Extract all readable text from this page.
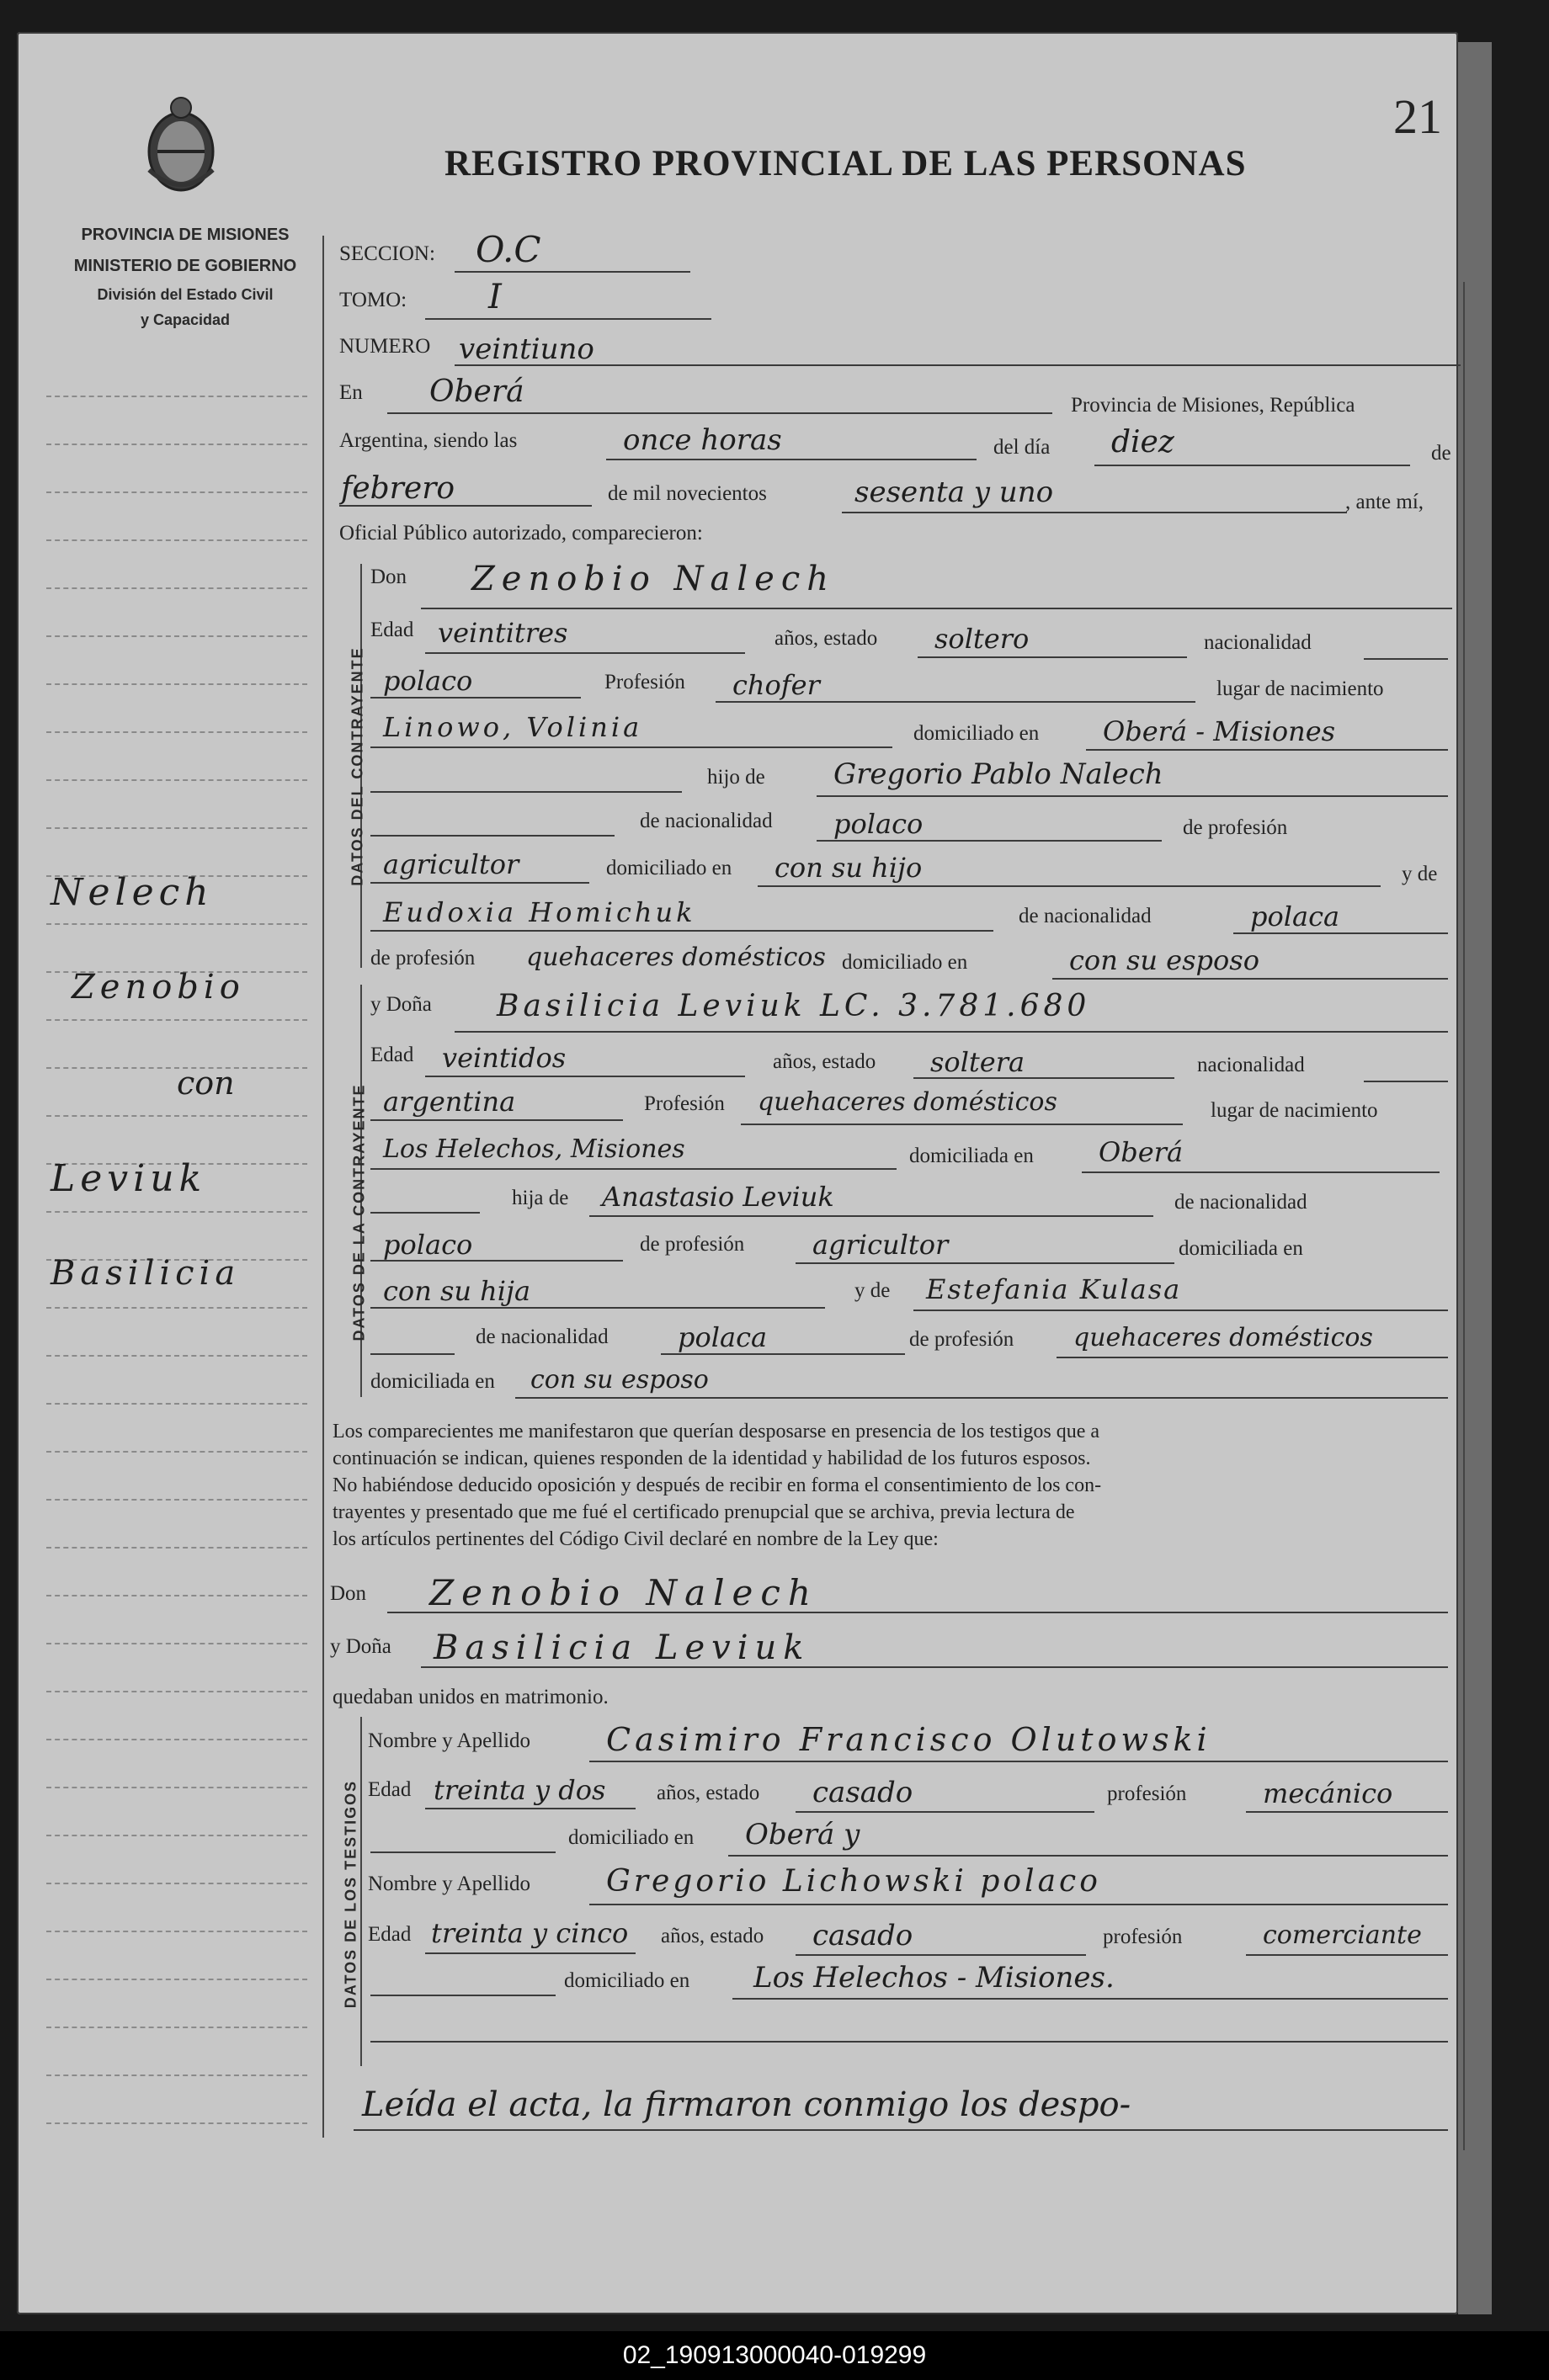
21
PROVINCIA DE MISIONES
MINISTERIO DE GOBIERNO
División del Estado Civil
y Capacidad
REGISTRO PROVINCIAL DE LAS PERSONAS
Nelech
Zenobio
con
Leviuk
Basilicia
SECCION: O.C
TOMO: I
NUMERO veintiuno
En Oberá	Provincia de Misiones, República
Argentina, siendo las	once horas	del día diez	de
febrero	de mil novecientos	sesenta y uno	, ante mí,
Oficial Público autorizado, comparecieron:
DATOS DEL CONTRAYENTE
Don Zenobio Nalech
Edad veintitres	años, estado soltero	nacionalidad
polaco	Profesión chofer	lugar de nacimiento
Linowo, Volinia	domiciliado en Oberá - Misiones
hijo de Gregorio Pablo Nalech
de nacionalidad polaco	de profesión
agricultor	domiciliado en con su hijo	y de
Eudoxia Homichuk	de nacionalidad	polaca
de profesión quehaceres domésticos domiciliado en	con su esposo
DATOS DE LA CONTRAYENTE
y Doña Basilicia Leviuk LC. 3.781.680
Edad veintidos	años, estado soltera	nacionalidad
argentina	Profesión quehaceres domésticos	lugar de nacimiento
Los Helechos, Misiones	domiciliada en Oberá
hija de Anastasio Leviuk	de nacionalidad
polaco	de profesión	agricultor	domiciliada en
con su hija	y de Estefania Kulasa
de nacionalidad	polaca	de profesión quehaceres domésticos
domiciliada en con su esposo
Los comparecientes me manifestaron que querían desposarse en presencia de los testigos que a
continuación se indican, quienes responden de la identidad y habilidad de los futuros esposos.
No habiéndose deducido oposición y después de recibir en forma el consentimiento de los con-
trayentes y presentado que me fué el certificado prenupcial que se archiva, previa lectura de
los artículos pertinentes del Código Civil declaré en nombre de la Ley que:
Don Zenobio Nalech
y Doña Basilicia Leviuk
quedaban unidos en matrimonio.
DATOS DE LOS TESTIGOS
Nombre y Apellido Casimiro Francisco Olutowski
Edad treinta y dos años, estado casado	profesión	mecánico
domiciliado en Oberá y
Nombre y Apellido Gregorio Lichowski polaco
Edad treinta y cinco años, estado casado	profesión	comerciante
domiciliado en Los Helechos - Misiones.
Leída el acta, la firmaron conmigo los despo-
02_190913000040-019299
